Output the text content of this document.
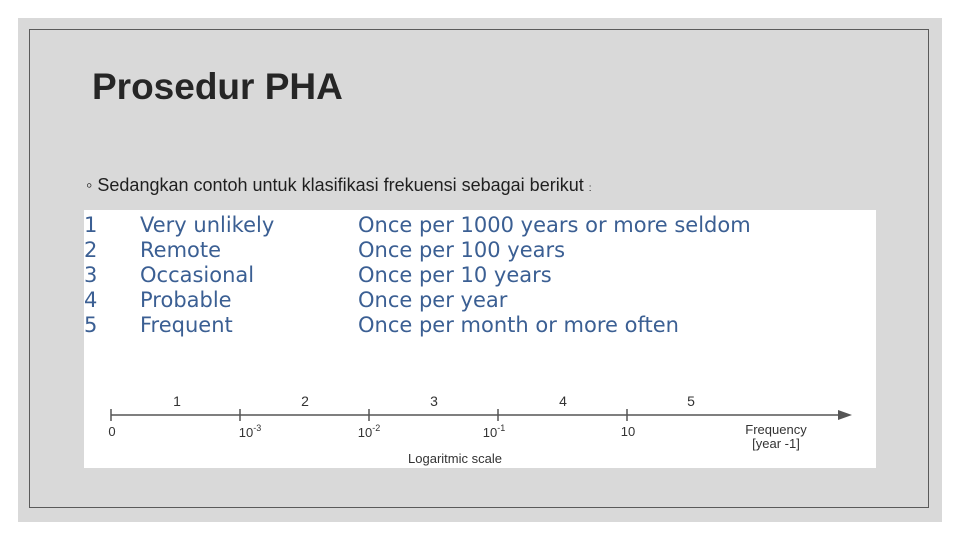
Prosedur PHA
◦ Sedangkan contoh untuk klasifikasi frekuensi sebagai berikut :
1 Very unlikely	Once per 1000 years or more seldom
2 Remote	Once per 100 years
3 Occasional	Once per 10 years
4 Probable	Once per year
5 Frequent	Once per month or more often
1	2	3	4	5
0	$10^{-3}$	$10^{-2}$	$10^{-1}$	10	Frequency
[year -1]
Logaritmic scale
